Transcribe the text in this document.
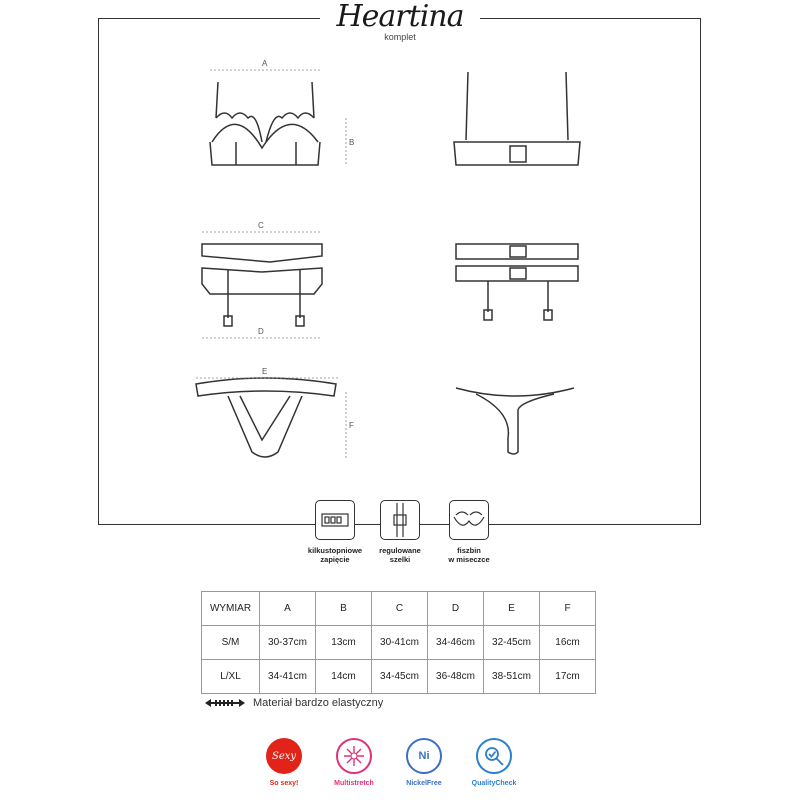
Heartina
komplet
A
B
C
D
E
F
kilkustopniowe
zapięcie
regulowane
szelki
fiszbin
w miseczce
WYMIAR	A	B	C	D	E	F
S/M	30-37cm	13cm	30-41cm	34-46cm	32-45cm	16cm
L/XL	34-41cm	14cm	34-45cm	36-48cm	38-51cm	17cm
Materiał bardzo elastyczny
Sexy
So sexy!	Multistretch
Ni
NickelFree	QualityCheck
